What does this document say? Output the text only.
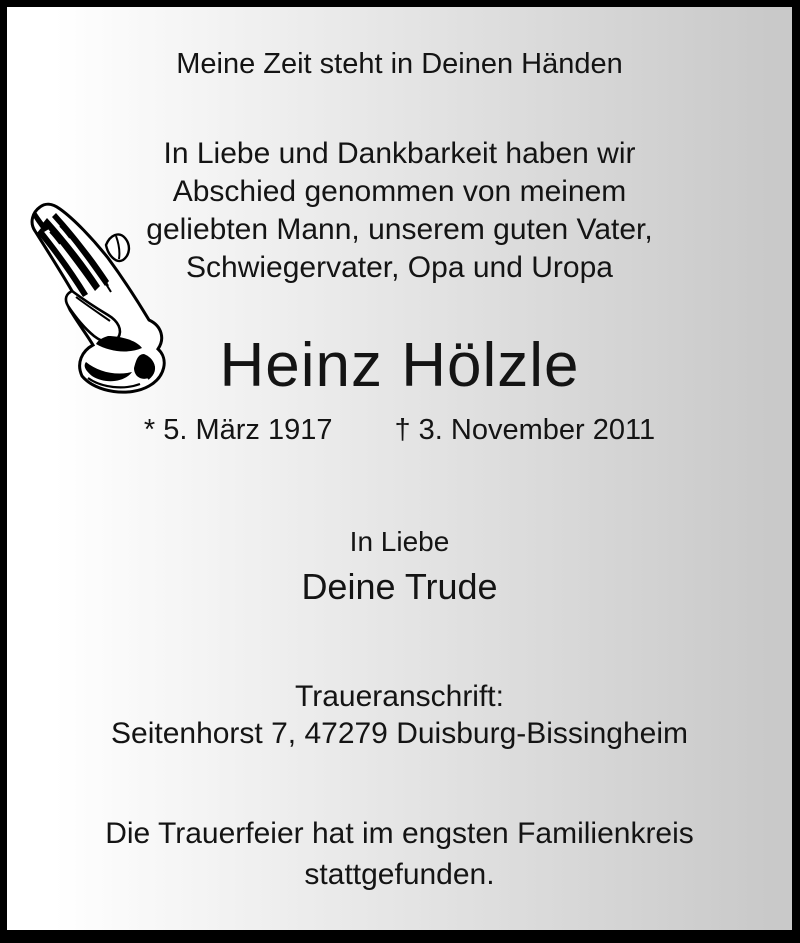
Meine Zeit steht in Deinen Händen
In Liebe und Dankbarkeit haben wir
Abschied genommen von meinem
geliebten Mann, unserem guten Vater,
Schwiegervater, Opa und Uropa
Heinz Hölzle
* 5. März 1917 † 3. November 2011
In Liebe
Deine Trude
Traueranschrift:
Seitenhorst 7, 47279 Duisburg-Bissingheim
Die Trauerfeier hat im engsten Familienkreis
stattgefunden.
